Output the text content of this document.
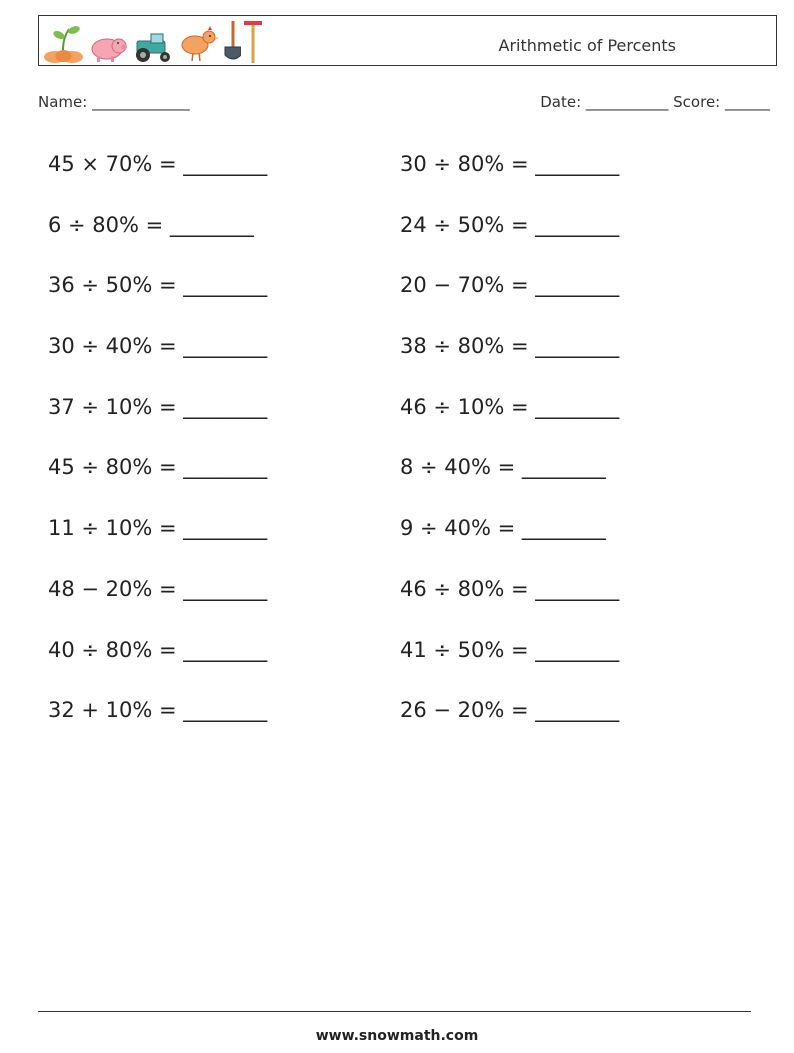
Arithmetic of Percents
Name: _____________	Date: ___________ Score: ______
45 × 70% = ________	30 ÷ 80% = ________
6 ÷ 80% = ________	24 ÷ 50% = ________
36 ÷ 50% = ________	20 − 70% = ________
30 ÷ 40% = ________	38 ÷ 80% = ________
37 ÷ 10% = ________	46 ÷ 10% = ________
45 ÷ 80% = ________	8 ÷ 40% = ________
11 ÷ 10% = ________	9 ÷ 40% = ________
48 − 20% = ________	46 ÷ 80% = ________
40 ÷ 80% = ________	41 ÷ 50% = ________
32 + 10% = ________	26 − 20% = ________
www.snowmath.com
